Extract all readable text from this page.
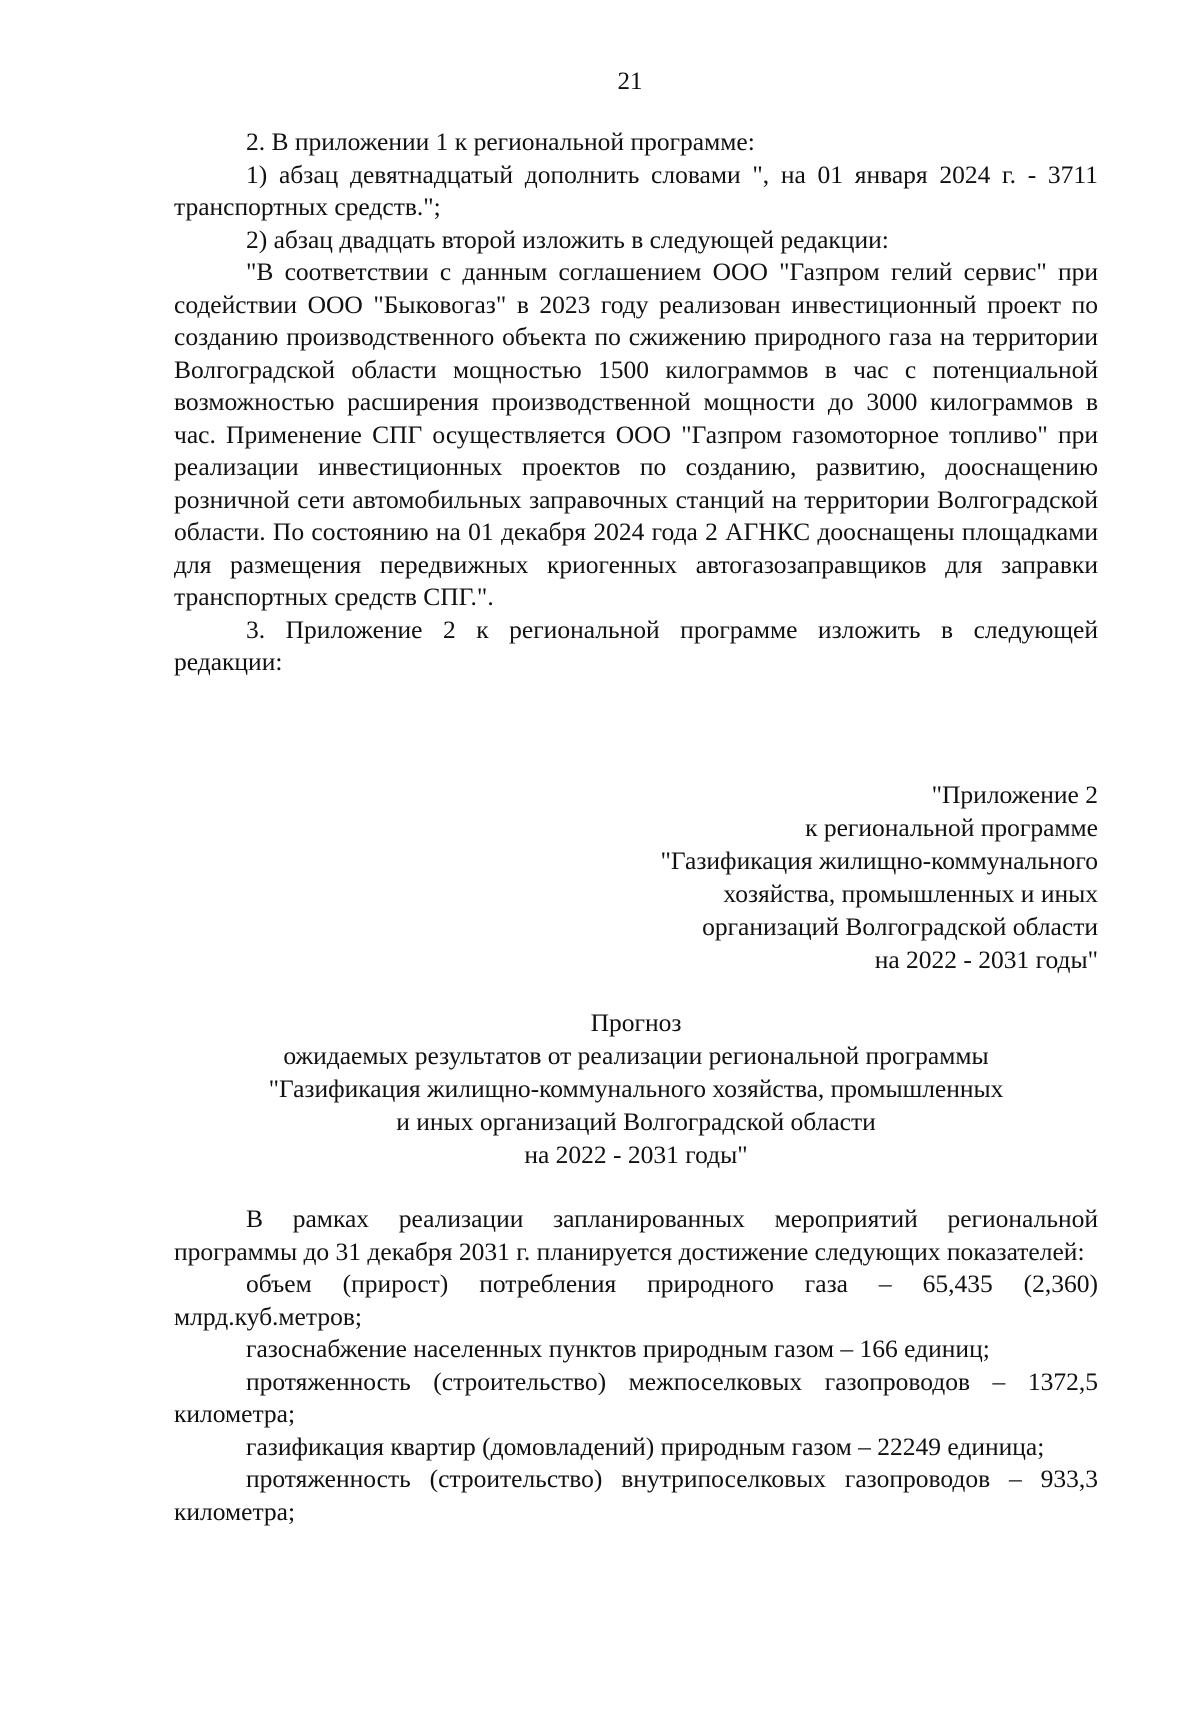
21

2. В приложении 1 к региональной программе:

1) абзац девятнадцатый дополнить словами ", на 01 января 2024 г. - 3711 транспортных средств.";

2) абзац двадцать второй изложить в следующей редакции:

"В соответствии с данным соглашением ООО "Газпром гелий сервис" при содействии ООО "Быковогаз" в 2023 году реализован инвестиционный проект по созданию производственного объекта по сжижению природного газа на территории Волгоградской области мощностью 1500 килограммов в час с потенциальной возможностью расширения производственной мощности до 3000 килограммов в час. Применение СПГ осуществляется ООО "Газпром газомоторное топливо" при реализации инвестиционных проектов по созданию, развитию, дооснащению розничной сети автомобильных заправочных станций на территории Волгоградской области. По состоянию на 01 декабря 2024 года 2 АГНКС дооснащены площадками для размещения передвижных криогенных автогазозаправщиков для заправки транспортных средств СПГ.".

3. Приложение 2 к региональной программе изложить в следующей редакции:

"Приложение 2
к региональной программе
"Газификация жилищно-коммунального
хозяйства, промышленных и иных
организаций Волгоградской области
на 2022 - 2031 годы"
Прогноз
ожидаемых результатов от реализации региональной программы
"Газификация жилищно-коммунального хозяйства, промышленных
и иных организаций Волгоградской области
на 2022 - 2031 годы"

В рамках реализации запланированных мероприятий региональной программы до 31 декабря 2031 г. планируется достижение следующих показателей:

объем (прирост) потребления природного газа – 65,435 (2,360) млрд.куб.метров;

газоснабжение населенных пунктов природным газом – 166 единиц;

протяженность (строительство) межпоселковых газопроводов – 1372,5 километра;

газификация квартир (домовладений) природным газом – 22249 единица;

протяженность (строительство) внутрипоселковых газопроводов – 933,3 километра;
